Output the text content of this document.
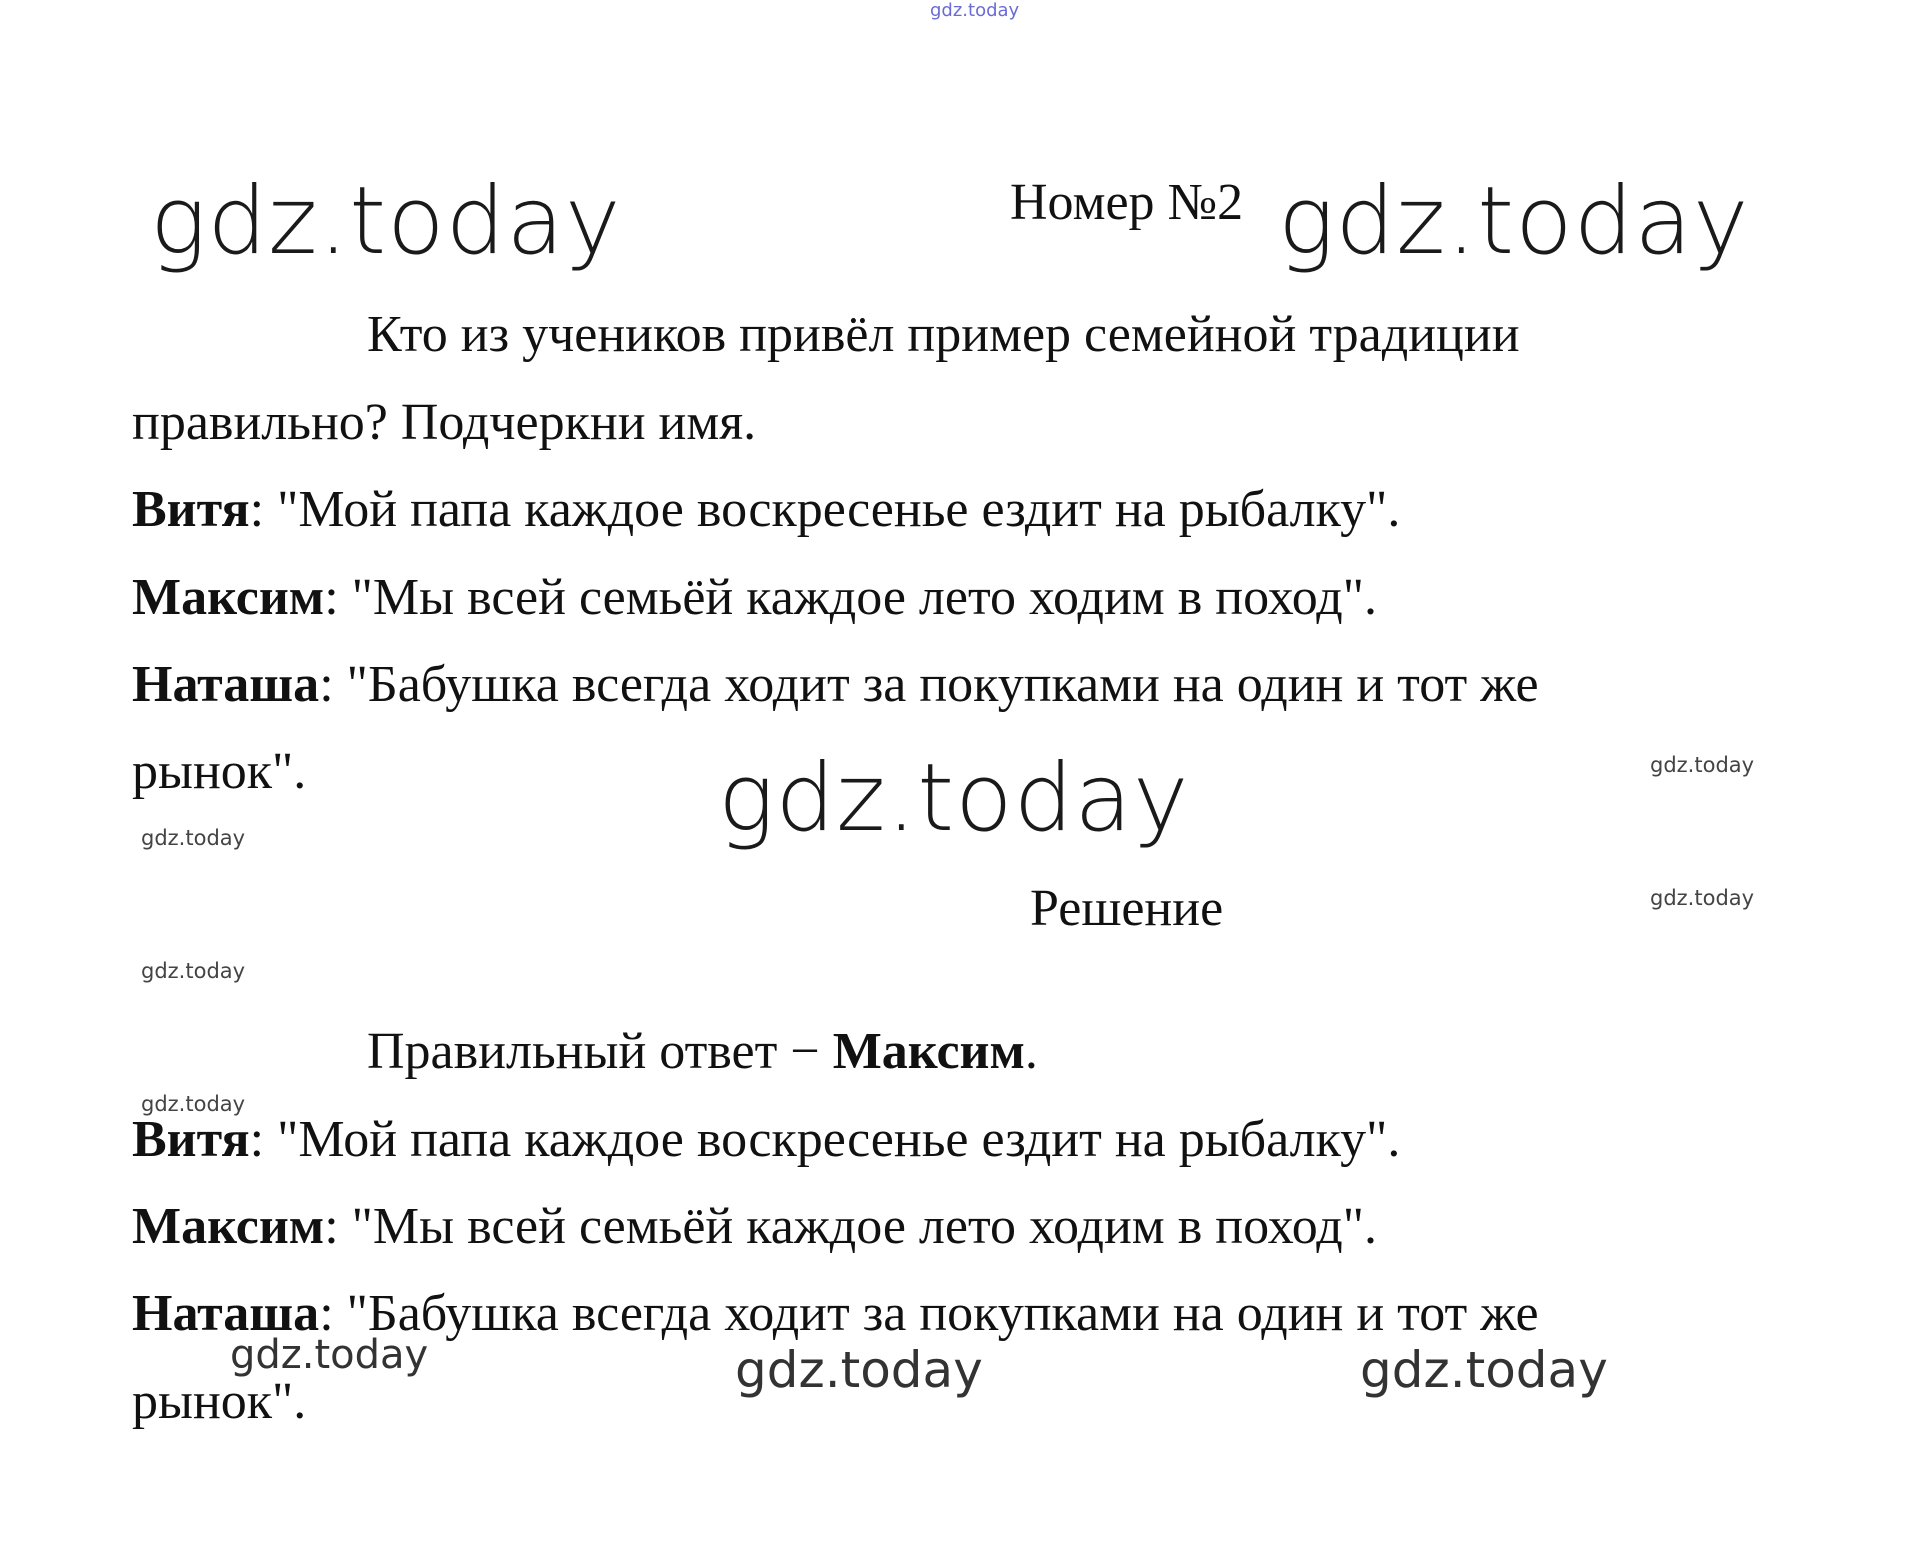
gdz.today
gdz.today	gdz.today
gdz.today	gdz.today
gdz.today
gdz.today
gdz.today
gdz.today
gdz.today	gdz.today	gdz.today
Номер №2
Кто из учеников привёл пример семейной традиции
правильно? Подчеркни имя.
Витя: "Мой папа каждое воскресенье ездит на рыбалку".
Максим: "Мы всей семьёй каждое лето ходим в поход".
Наташа: "Бабушка всегда ходит за покупками на один и тот же
рынок".
Решение
Правильный ответ − Максим.
Витя: "Мой папа каждое воскресенье ездит на рыбалку".
Максим: "Мы всей семьёй каждое лето ходим в поход".
Наташа: "Бабушка всегда ходит за покупками на один и тот же
рынок".
